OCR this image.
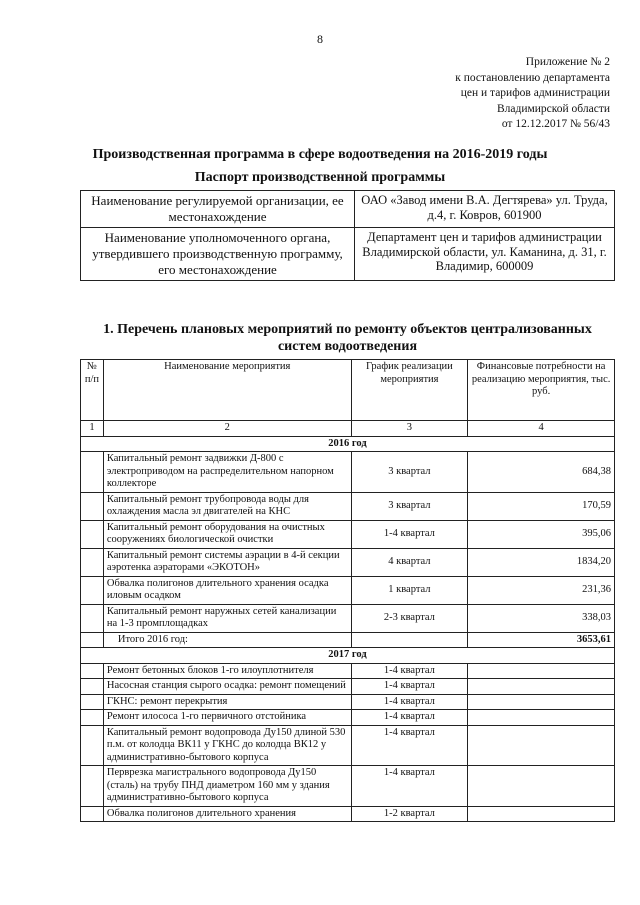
8
Приложение № 2
к постановлению департамента
цен и тарифов администрации
Владимирской области
от 12.12.2017 № 56/43
Производственная программа в сфере водоотведения на 2016-2019 годы
Паспорт производственной программы
Наименование регулируемой организации, ее местонахождение	ОАО «Завод имени В.А. Дегтярева» ул. Труда, д.4, г. Ковров, 601900
Наименование уполномоченного органа, утвердившего производственную программу, его местонахождение	Департамент цен и тарифов администрации Владимирской области, ул. Каманина, д. 31, г. Владимир, 600009
1. Перечень плановых мероприятий по ремонту объектов централизованных систем водоотведения
№ п/п	Наименование мероприятия	График реализации мероприятия	Финансовые потребности на реализацию мероприятия, тыс. руб.
1	2	3	4
2016 год			
	Капитальный ремонт задвижки Д-800 с электроприводом на распределительном напорном коллекторе	3 квартал	684,38
	Капитальный ремонт трубопровода воды для охлаждения масла эл двигателей на КНС	3 квартал	170,59
	Капитальный ремонт оборудования на очистных сооружениях биологической очистки	1-4 квартал	395,06
	Капитальный ремонт системы аэрации в 4-й секции аэротенка аэраторами «ЭКОТОН»	4 квартал	1834,20
	Обвалка полигонов длительного хранения осадка иловым осадком	1 квартал	231,36
	Капитальный ремонт наружных сетей канализации на 1-3 промплощадках	2-3 квартал	338,03
	Итого 2016 год:		3653,61
2017 год			
	Ремонт бетонных блоков 1-го илоуплотнителя	1-4 квартал	
	Насосная станция сырого осадка: ремонт помещений	1-4 квартал	
	ГКНС: ремонт перекрытия	1-4 квартал	
	Ремонт илососа 1-го первичного отстойника	1-4 квартал	
	Капитальный ремонт водопровода Ду150 длиной 530 п.м. от колодца ВК11 у ГКНС до колодца ВК12 у административно-бытового корпуса	1-4 квартал	
	Перврезка магистрального водопровода Ду150 (сталь) на трубу ПНД диаметром 160 мм у здания административно-бытового корпуса	1-4 квартал	
	Обвалка полигонов длительного хранения	1-2 квартал	
